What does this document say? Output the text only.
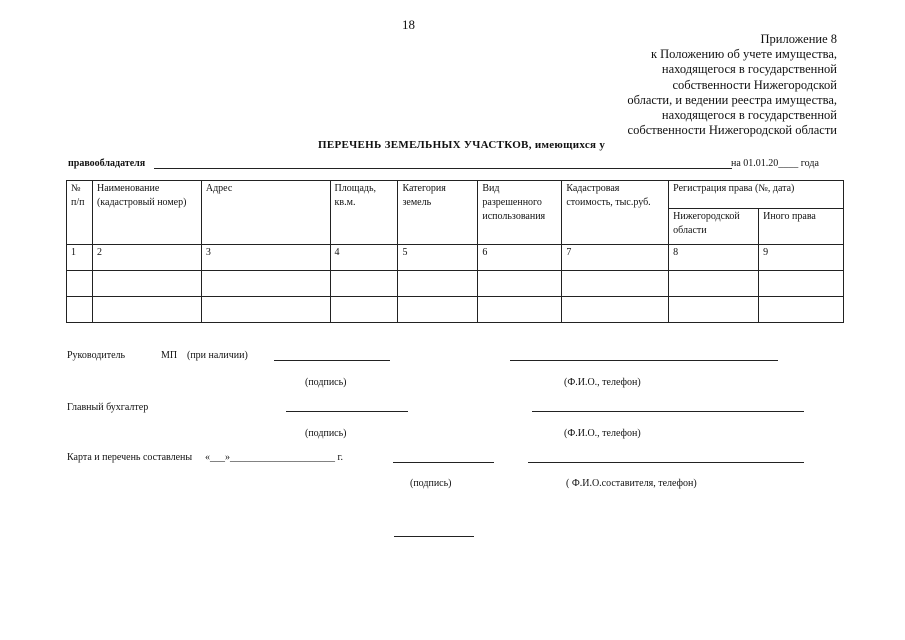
18
Приложение 8
к Положению об учете имущества,
находящегося в государственной
собственности Нижегородской
области, и ведении реестра имущества,
находящегося в государственной
собственности Нижегородской области
ПЕРЕЧЕНЬ ЗЕМЕЛЬНЫХ УЧАСТКОВ, имеющихся у
правообладателя	на 01.01.20____ года
№ п/п	Наименование (кадастровый номер)	Адрес	Площадь, кв.м.	Категория земель	Вид разрешенного использования	Кадастровая стоимость, тыс.руб.	Регистрация права (№, дата)	
							Нижегородской области	Иного права
1	2	3	4	5	6	7	8	9

Руководитель	МП (при наличии)
(подпись)	(Ф.И.О., телефон)
Главный бухгалтер
(подпись)	(Ф.И.О., телефон)
Карта и перечень составлены «___»_____________________ г.
(подпись)	( Ф.И.О.составителя, телефон)
